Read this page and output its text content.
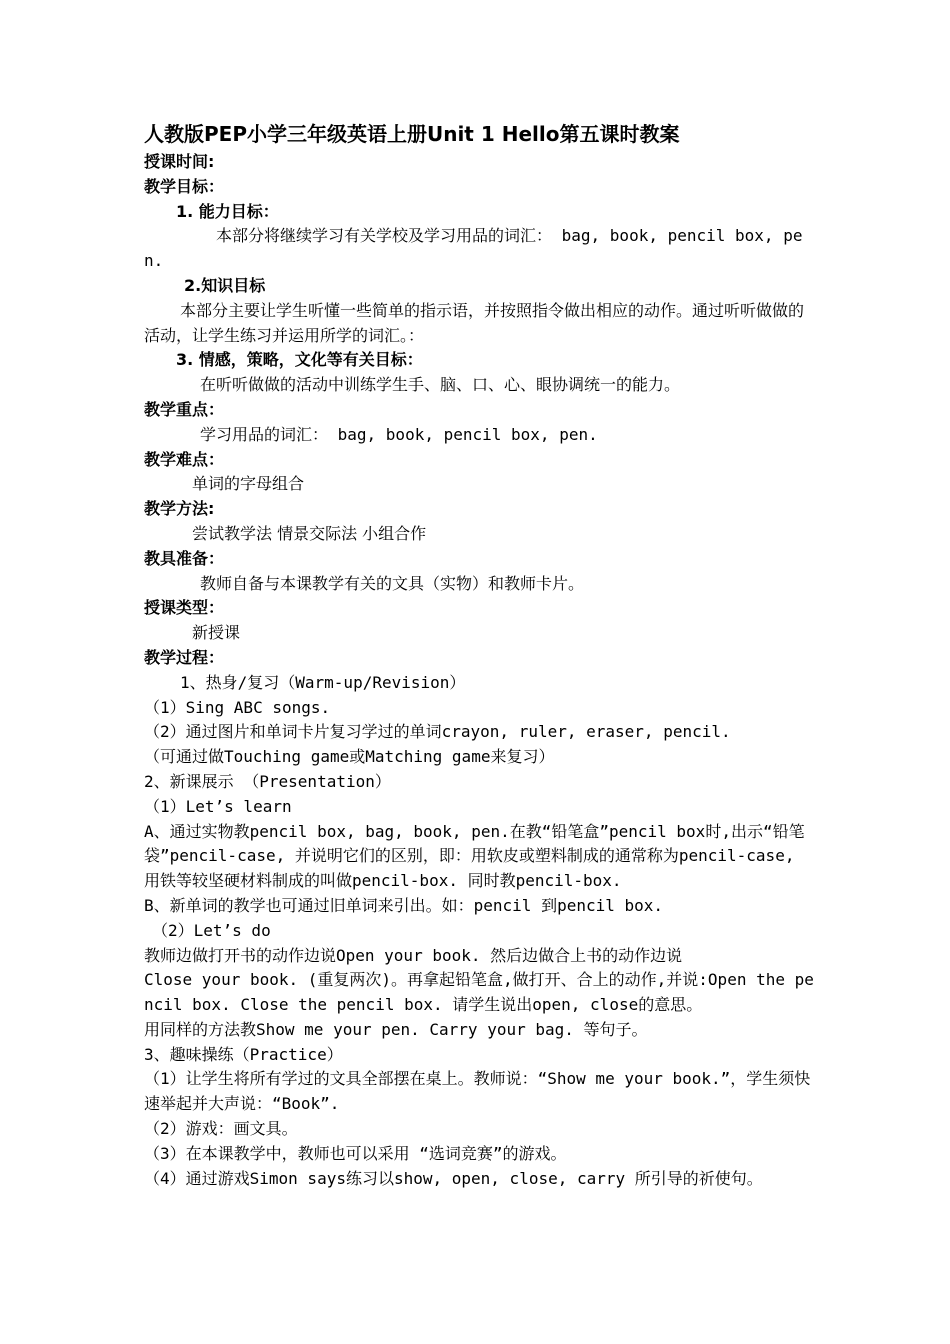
人教版PEP小学三年级英语上册Unit 1 Hello第五课时教案
授课时间:
教学目标：
1. 能力目标：
本部分将继续学习有关学校及学习用品的词汇： bag, book, pencil box, pen.
2.知识目标
本部分主要让学生听懂一些简单的指示语，并按照指令做出相应的动作。通过听听做做的活动，让学生练习并运用所学的词汇。：
3. 情感，策略，文化等有关目标：
在听听做做的活动中训练学生手、脑、口、心、眼协调统一的能力。
教学重点：
学习用品的词汇： bag, book, pencil box, pen.
教学难点：
单词的字母组合
教学方法:
尝试教学法 情景交际法 小组合作
教具准备：
教师自备与本课教学有关的文具（实物）和教师卡片。
授课类型：
新授课
教学过程：
1、热身/复习（Warm-up/Revision）
（1）Sing ABC songs.
（2）通过图片和单词卡片复习学过的单词crayon, ruler, eraser, pencil.
（可通过做Touching game或Matching game来复习）
2、新课展示 （Presentation）
（1）Let’s learn
A、通过实物教pencil box, bag, book, pen.在教“铅笔盒”pencil box时,出示“铅笔袋”pencil-case, 并说明它们的区别，即：用软皮或塑料制成的通常称为pencil-case, 用铁等较坚硬材料制成的叫做pencil-box. 同时教pencil-box.
B、新单词的教学也可通过旧单词来引出。如：pencil 到pencil box.
（2）Let’s do
教师边做打开书的动作边说Open your book. 然后边做合上书的动作边说
Close your book. (重复两次)。再拿起铅笔盒,做打开、合上的动作,并说:Open the pencil box. Close the pencil box. 请学生说出open, close的意思。
用同样的方法教Show me your pen. Carry your bag. 等句子。
3、趣味操练（Practice）
（1）让学生将所有学过的文具全部摆在桌上。教师说：“Show me your book.”，学生须快速举起并大声说：“Book”.
（2）游戏：画文具。
（3）在本课教学中，教师也可以采用 “选词竞赛”的游戏。
（4）通过游戏Simon says练习以show, open, close, carry 所引导的祈使句。
